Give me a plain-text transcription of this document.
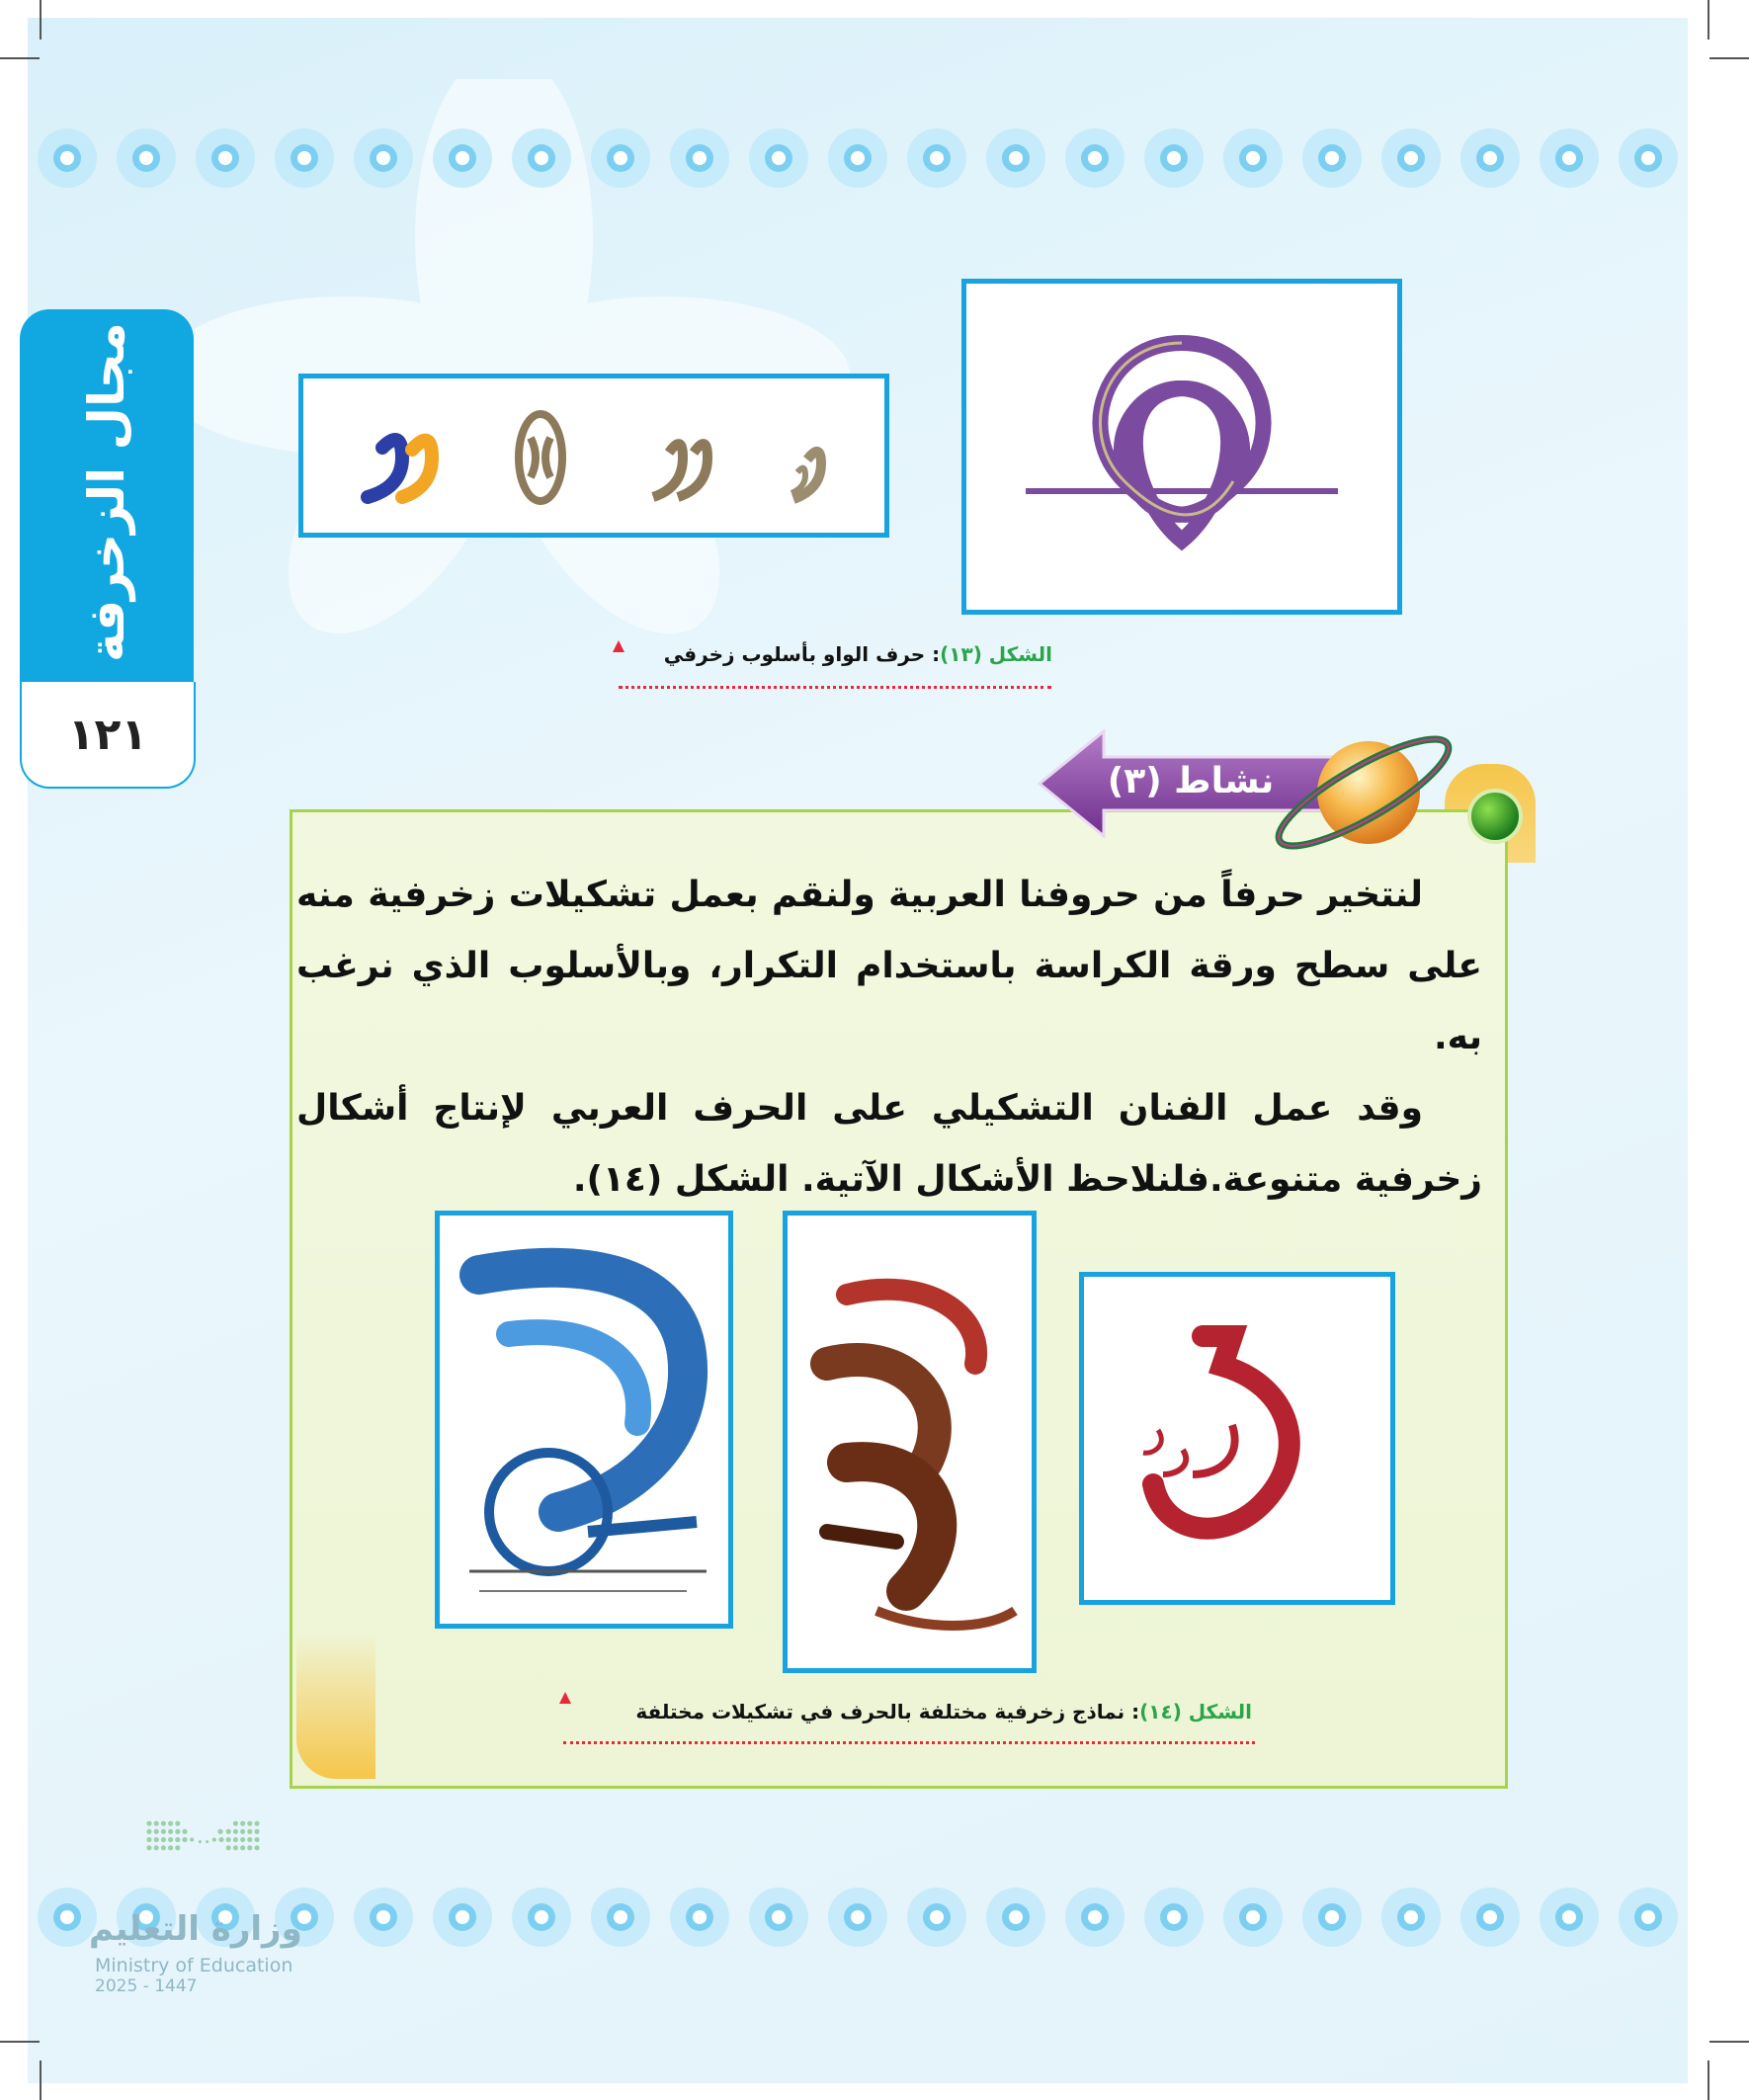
مجال الزخرفة
١٢١
الشكل (١٣): حرف الواو بأسلوب زخرفي
نشاط (٣)

لنتخير حرفاً من حروفنا العربية ولنقم بعمل تشكيلات زخرفية منه على سطح ورقة الكراسة باستخدام التكرار، وبالأسلوب الذي نرغب به.

وقد عمل الفنان التشكيلي على الحرف العربي لإنتاج أشكال زخرفية متنوعة.فلنلاحظ الأشكال الآتية. الشكل (١٤).

الشكل (١٤): نماذج زخرفية مختلفة بالحرف في تشكيلات مختلفة
وزارة التعليم
Ministry of Education
2025 - 1447
